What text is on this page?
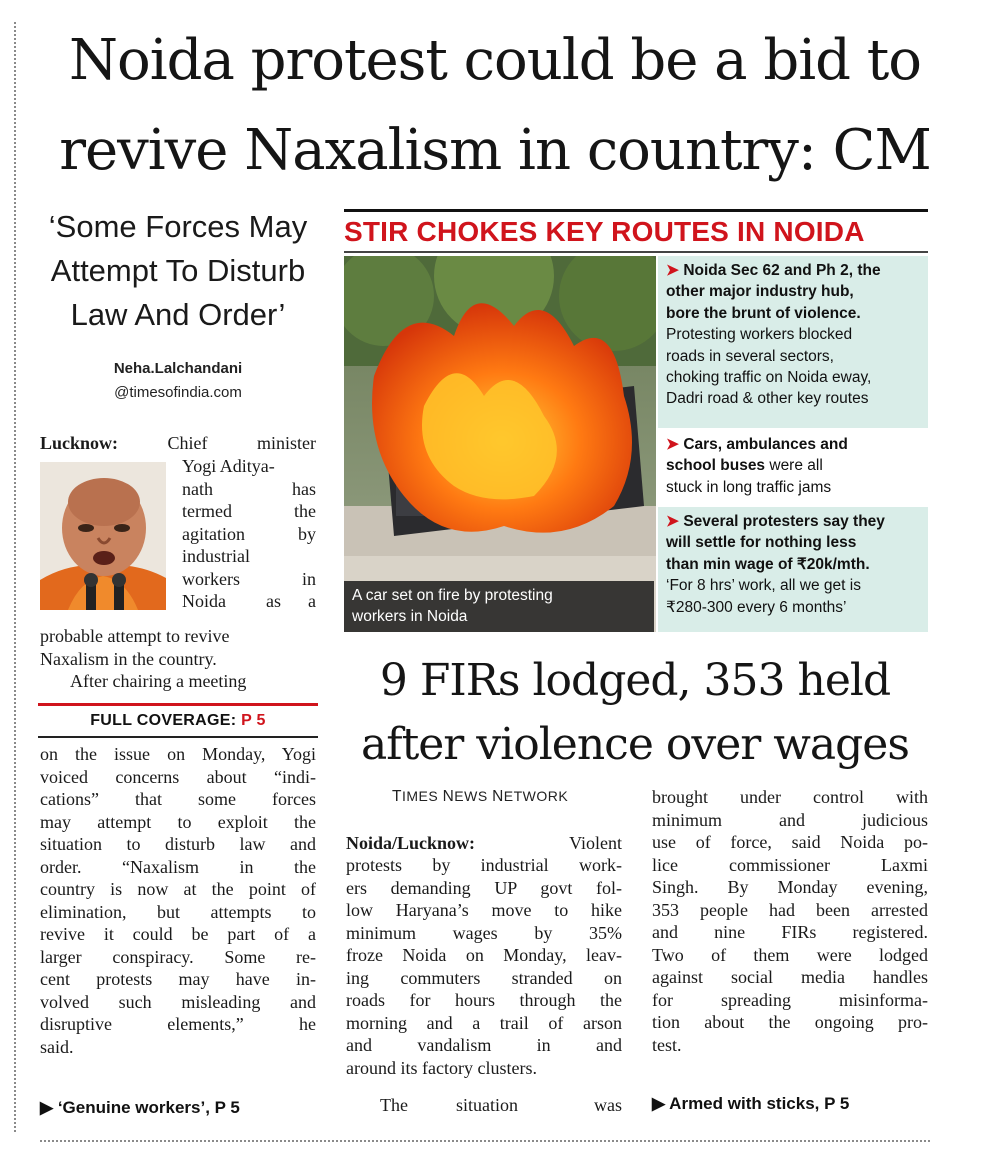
Noida protest could be a bid to
revive Naxalism in country: CM
‘Some Forces May
Attempt To Disturb
Law And Order’
Neha.Lalchandani
@timesofindia.com
Lucknow:	Chief minister
Yogi Aditya-
nath	has
termed	the
agitation	by
industrial
workers	in
Noida as a
probable attempt to revive
Naxalism in the country.
After chairing a meeting
FULL COVERAGE: P 5
on the issue on Monday, Yogi
voiced concerns about “indi-
cations” that some forces
may attempt to exploit the
situation to disturb law and
order. “Naxalism in the
country is now at the point of
elimination, but attempts to
revive it could be part of a
larger conspiracy. Some re-
cent protests may have in-
volved such misleading and
disruptive elements,” he
said.
▶ ‘Genuine workers’, P 5
STIR CHOKES KEY ROUTES IN NOIDA
A car set on fire by protesting
workers in Noida
➤ Noida Sec 62 and Ph 2, the
other major industry hub,
bore the brunt of violence.
Protesting workers blocked
roads in several sectors,
choking traffic on Noida eway,
Dadri road & other key routes
➤ Cars, ambulances and
school buses were all
stuck in long traffic jams
➤ Several protesters say they
will settle for nothing less
than min wage of ₹20k/mth.
‘For 8 hrs’ work, all we get is
₹280-300 every 6 months’
9 FIRs lodged, 353 held
after violence over wages
TIMES NEWS NETWORK
Noida/Lucknow:	Violent
protests by industrial work-
ers demanding UP govt fol-
low Haryana’s move to hike
minimum wages by 35%
froze Noida on Monday, leav-
ing commuters stranded on
roads for hours through the
morning and a trail of arson
and vandalism in and
around its factory clusters.
The	situation	was
brought under control with
minimum and judicious
use of force, said Noida po-
lice commissioner Laxmi
Singh. By Monday evening,
353 people had been arrested
and nine FIRs registered.
Two of them were lodged
against social media handles
for spreading misinforma-
tion about the ongoing pro-
test.
▶ Armed with sticks, P 5
